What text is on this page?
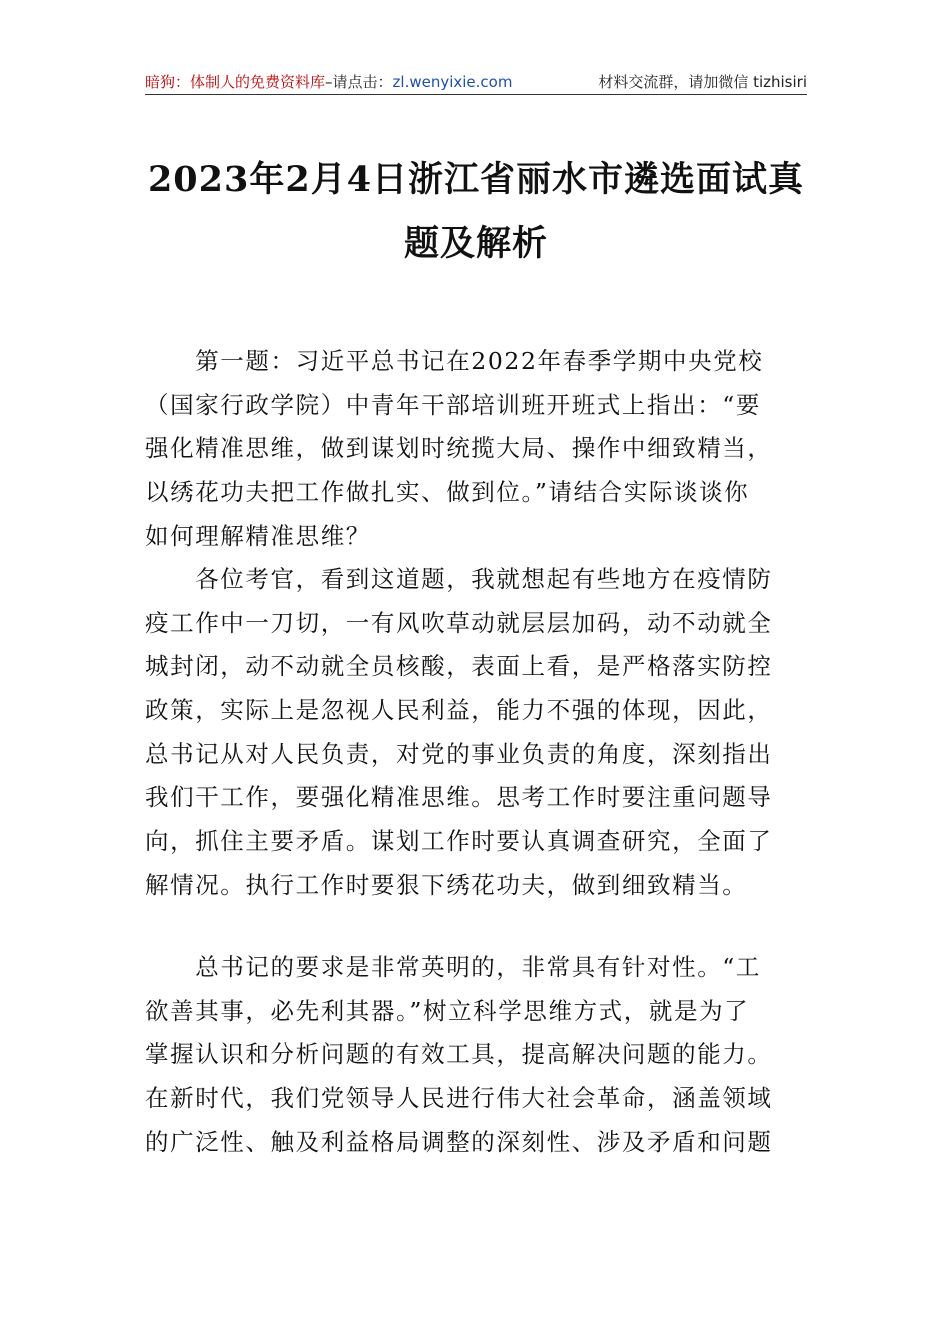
暗狗：体制人的免费资料库–请点击：zl.wenyixie.com	材料交流群，请加微信 tizhisiri
2023年2月4日浙江省丽水市遴选面试真
题及解析
　　第一题：习近平总书记在2022年春季学期中央党校
（国家行政学院）中青年干部培训班开班式上指出：“要
强化精准思维，做到谋划时统揽大局、操作中细致精当，
以绣花功夫把工作做扎实、做到位。”请结合实际谈谈你
如何理解精准思维？
　　各位考官，看到这道题，我就想起有些地方在疫情防
疫工作中一刀切，一有风吹草动就层层加码，动不动就全
城封闭，动不动就全员核酸，表面上看，是严格落实防控
政策，实际上是忽视人民利益，能力不强的体现，因此，
总书记从对人民负责，对党的事业负责的角度，深刻指出
我们干工作，要强化精准思维。思考工作时要注重问题导
向，抓住主要矛盾。谋划工作时要认真调查研究，全面了
解情况。执行工作时要狠下绣花功夫，做到细致精当。
　　总书记的要求是非常英明的，非常具有针对性。“工
欲善其事，必先利其器。”树立科学思维方式，就是为了
掌握认识和分析问题的有效工具，提高解决问题的能力。
在新时代，我们党领导人民进行伟大社会革命，涵盖领域
的广泛性、触及利益格局调整的深刻性、涉及矛盾和问题
